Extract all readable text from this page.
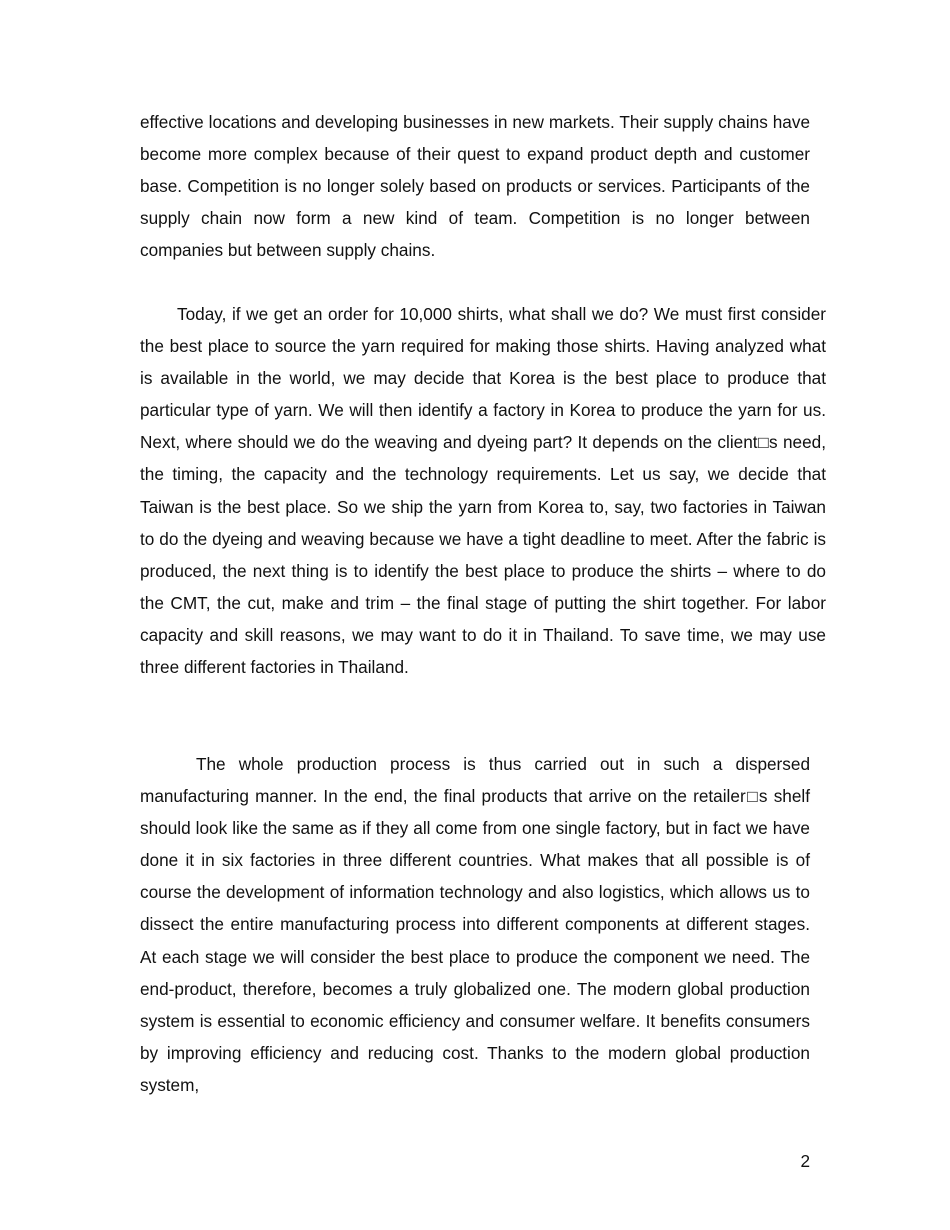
effective locations and developing businesses in new markets. Their supply chains have become more complex because of their quest to expand product depth and customer base. Competition is no longer solely based on products or services. Participants of the supply chain now form a new kind of team. Competition is no longer between companies but between supply chains.

Today, if we get an order for 10,000 shirts, what shall we do? We must first consider the best place to source the yarn required for making those shirts. Having analyzed what is available in the world, we may decide that Korea is the best place to produce that particular type of yarn. We will then identify a factory in Korea to produce the yarn for us. Next, where should we do the weaving and dyeing part? It depends on the client□s need, the timing, the capacity and the technology requirements. Let us say, we decide that Taiwan is the best place. So we ship the yarn from Korea to, say, two factories in Taiwan to do the dyeing and weaving because we have a tight deadline to meet. After the fabric is produced, the next thing is to identify the best place to produce the shirts – where to do the CMT, the cut, make and trim – the final stage of putting the shirt together. For labor capacity and skill reasons, we may want to do it in Thailand. To save time, we may use three different factories in Thailand.

The whole production process is thus carried out in such a dispersed manufacturing manner. In the end, the final products that arrive on the retailer□s shelf should look like the same as if they all come from one single factory, but in fact we have done it in six factories in three different countries. What makes that all possible is of course the development of information technology and also logistics, which allows us to dissect the entire manufacturing process into different components at different stages. At each stage we will consider the best place to produce the component we need. The end-product, therefore, becomes a truly globalized one. The modern global production system is essential to economic efficiency and consumer welfare. It benefits consumers by improving efficiency and reducing cost. Thanks to the modern global production system,

2
